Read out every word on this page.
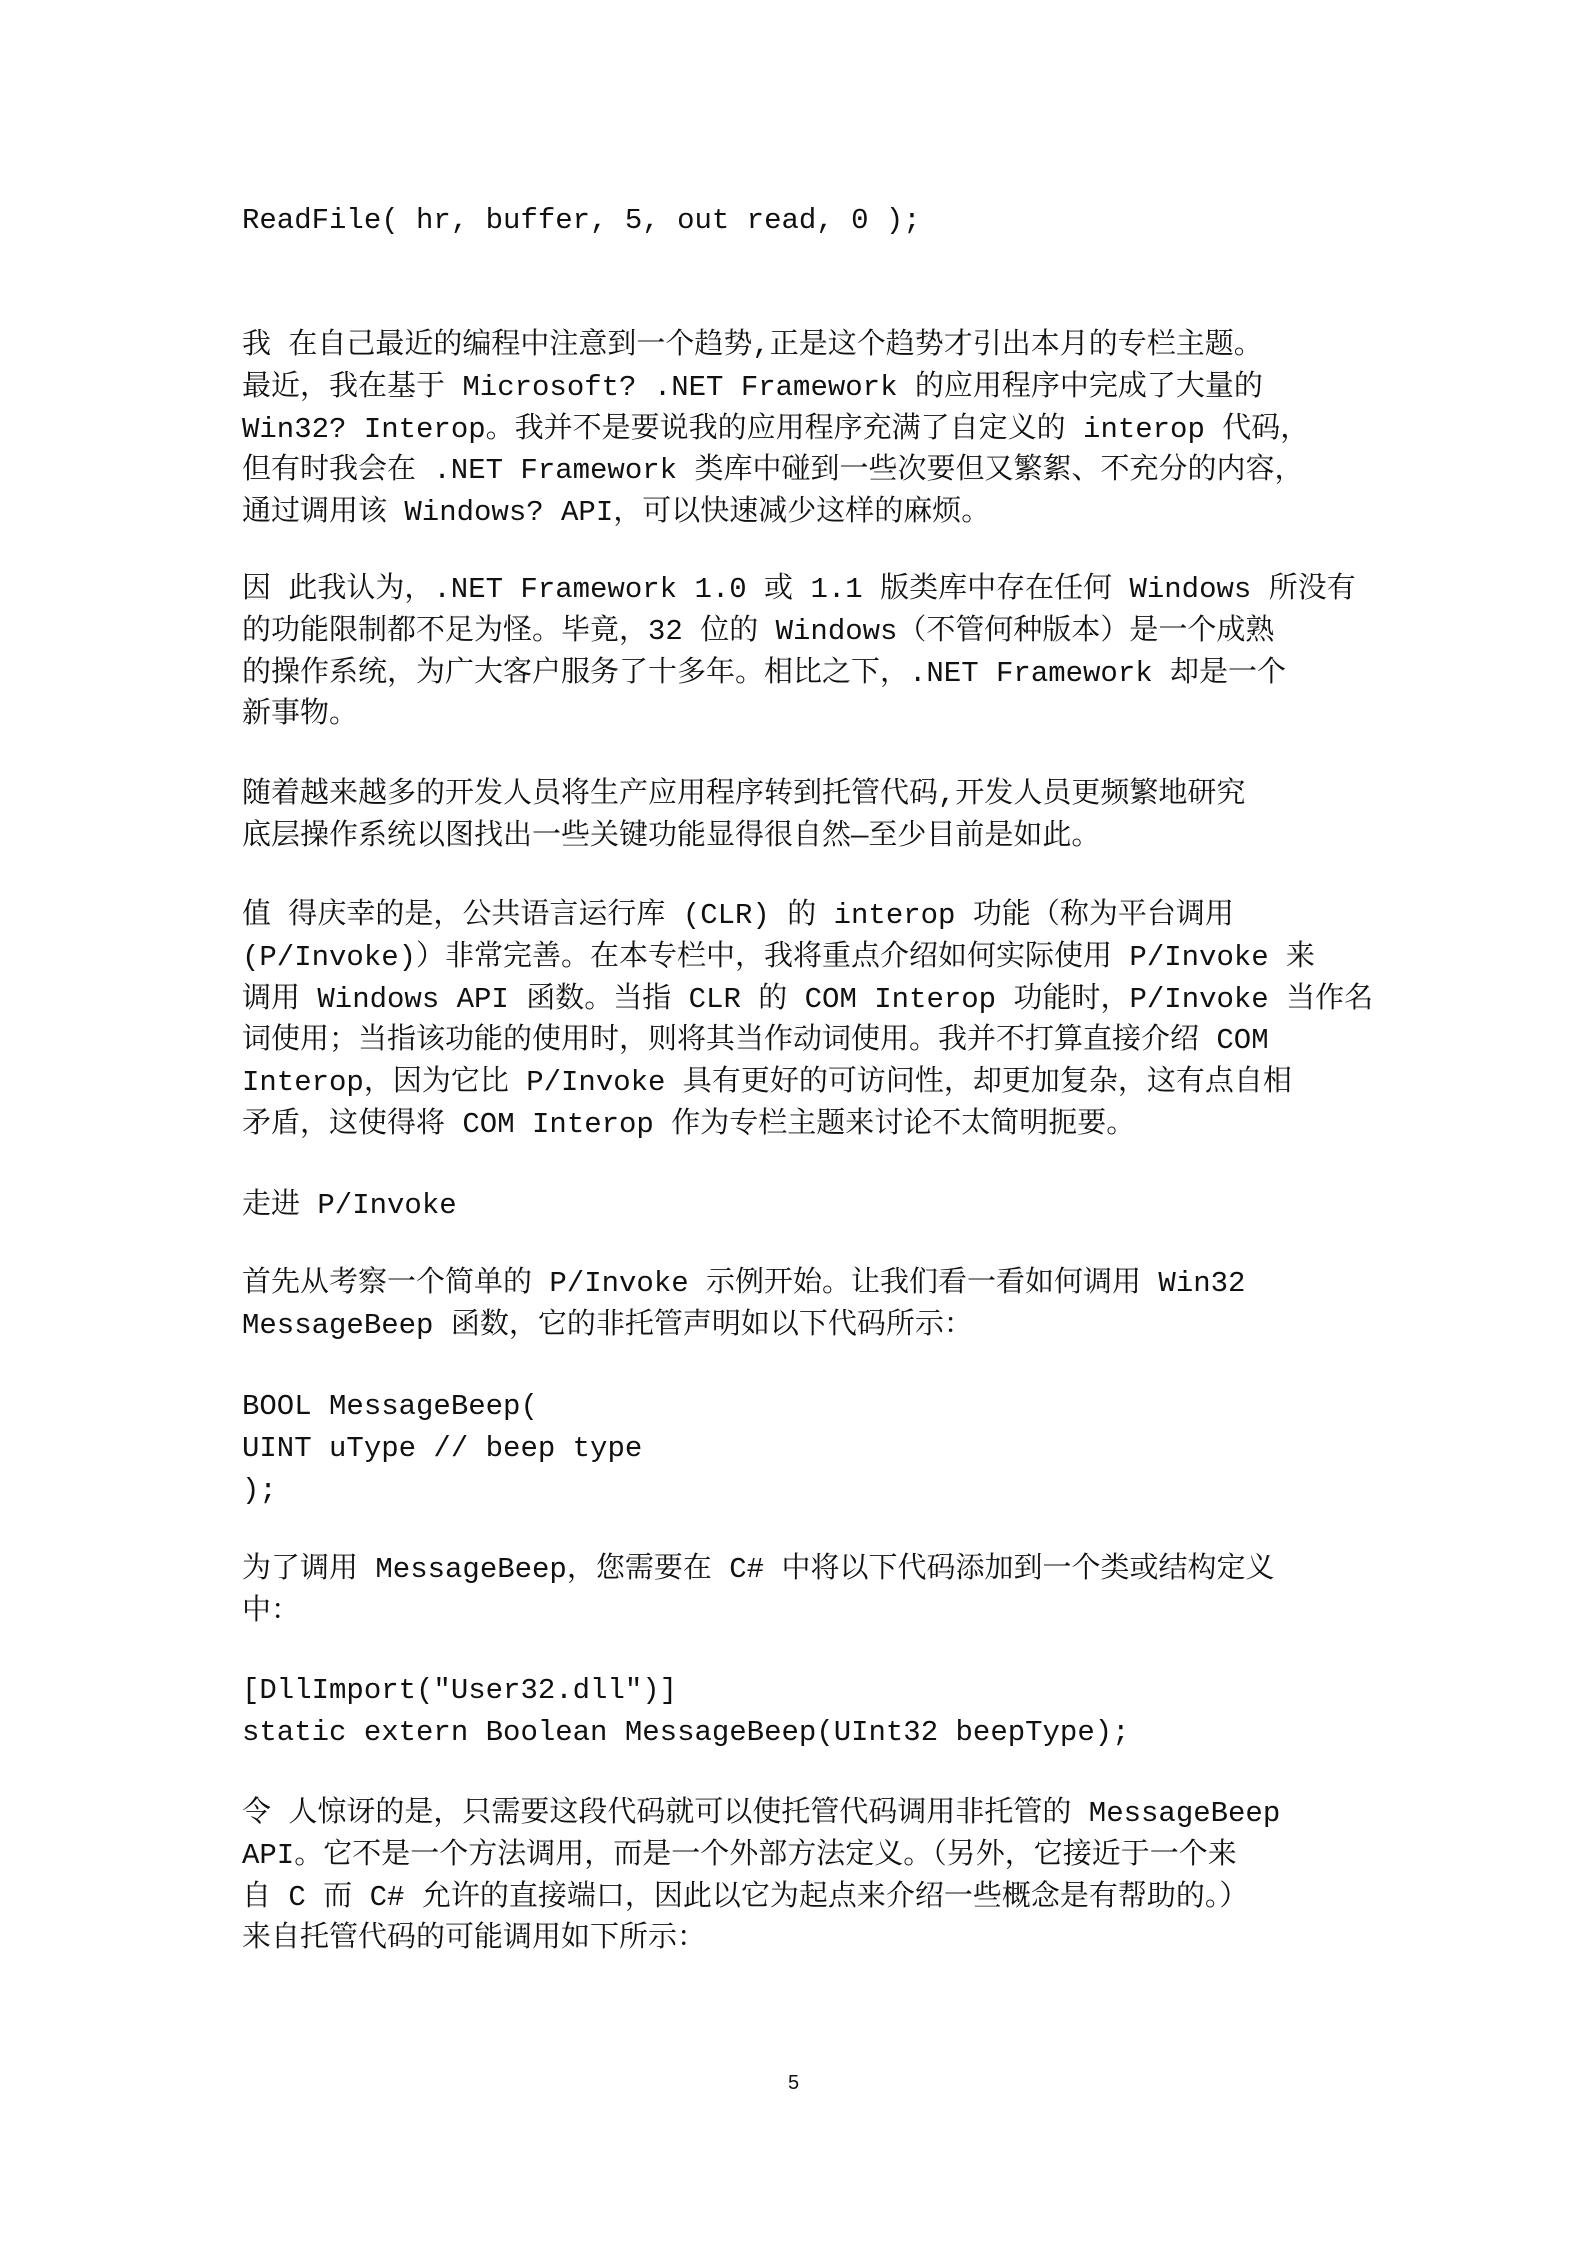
ReadFile( hr, buffer, 5, out read, 0 );
我 在自己最近的编程中注意到一个趋势,正是这个趋势才引出本月的专栏主题。
最近，我在基于 Microsoft? .NET Framework 的应用程序中完成了大量的
Win32? Interop。我并不是要说我的应用程序充满了自定义的 interop 代码，
但有时我会在 .NET Framework 类库中碰到一些次要但又繁絮、不充分的内容，
通过调用该 Windows? API，可以快速减少这样的麻烦。
因 此我认为，.NET Framework 1.0 或 1.1 版类库中存在任何 Windows 所没有
的功能限制都不足为怪。毕竟，32 位的 Windows（不管何种版本）是一个成熟
的操作系统，为广大客户服务了十多年。相比之下，.NET Framework 却是一个
新事物。
随着越来越多的开发人员将生产应用程序转到托管代码,开发人员更频繁地研究
底层操作系统以图找出一些关键功能显得很自然—至少目前是如此。
值 得庆幸的是，公共语言运行库 (CLR) 的 interop 功能（称为平台调用
(P/Invoke)）非常完善。在本专栏中，我将重点介绍如何实际使用 P/Invoke 来
调用 Windows API 函数。当指 CLR 的 COM Interop 功能时，P/Invoke 当作名
词使用；当指该功能的使用时，则将其当作动词使用。我并不打算直接介绍 COM
Interop，因为它比 P/Invoke 具有更好的可访问性，却更加复杂，这有点自相
矛盾，这使得将 COM Interop 作为专栏主题来讨论不太简明扼要。
走进 P/Invoke
首先从考察一个简单的 P/Invoke 示例开始。让我们看一看如何调用 Win32
MessageBeep 函数，它的非托管声明如以下代码所示：
BOOL MessageBeep(
UINT uType // beep type
);
为了调用 MessageBeep，您需要在 C# 中将以下代码添加到一个类或结构定义
中：
[DllImport("User32.dll")]
static extern Boolean MessageBeep(UInt32 beepType);
令 人惊讶的是，只需要这段代码就可以使托管代码调用非托管的 MessageBeep
API。它不是一个方法调用，而是一个外部方法定义。（另外，它接近于一个来
自 C 而 C# 允许的直接端口，因此以它为起点来介绍一些概念是有帮助的。）
来自托管代码的可能调用如下所示：
5
